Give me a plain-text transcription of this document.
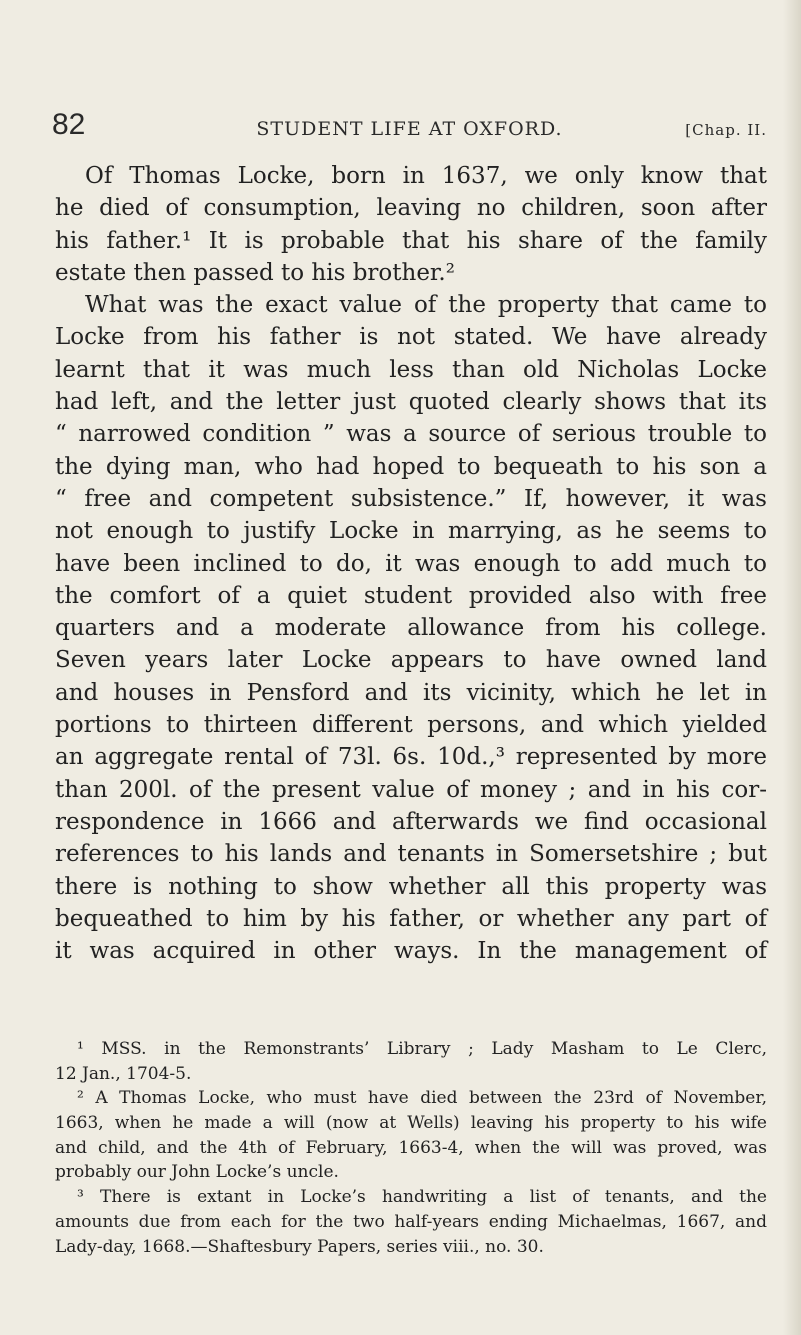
82	STUDENT LIFE AT OXFORD.	[Chap. II.
Of Thomas Locke, born in 1637, we only know that
he died of consumption, leaving no children, soon after
his father.¹ It is probable that his share of the family
estate then passed to his brother.²
What was the exact value of the property that came to
Locke from his father is not stated. We have already
learnt that it was much less than old Nicholas Locke
had left, and the letter just quoted clearly shows that its
“ narrowed condition ” was a source of serious trouble to
the dying man, who had hoped to bequeath to his son a
“ free and competent subsistence.” If, however, it was
not enough to justify Locke in marrying, as he seems to
have been inclined to do, it was enough to add much to
the comfort of a quiet student provided also with free
quarters and a moderate allowance from his college.
Seven years later Locke appears to have owned land
and houses in Pensford and its vicinity, which he let in
portions to thirteen different persons, and which yielded
an aggregate rental of 73l. 6s. 10d.,³ represented by more
than 200l. of the present value of money ; and in his cor-
respondence in 1666 and afterwards we find occasional
references to his lands and tenants in Somersetshire ; but
there is nothing to show whether all this property was
bequeathed to him by his father, or whether any part of
it was acquired in other ways. In the management of
¹ MSS. in the Remonstrants’ Library ; Lady Masham to Le Clerc,
12 Jan., 1704-5.
² A Thomas Locke, who must have died between the 23rd of November,
1663, when he made a will (now at Wells) leaving his property to his wife
and child, and the 4th of February, 1663-4, when the will was proved, was
probably our John Locke’s uncle.
³ There is extant in Locke’s handwriting a list of tenants, and the
amounts due from each for the two half-years ending Michaelmas, 1667, and
Lady-day, 1668.—Shaftesbury Papers, series viii., no. 30.
